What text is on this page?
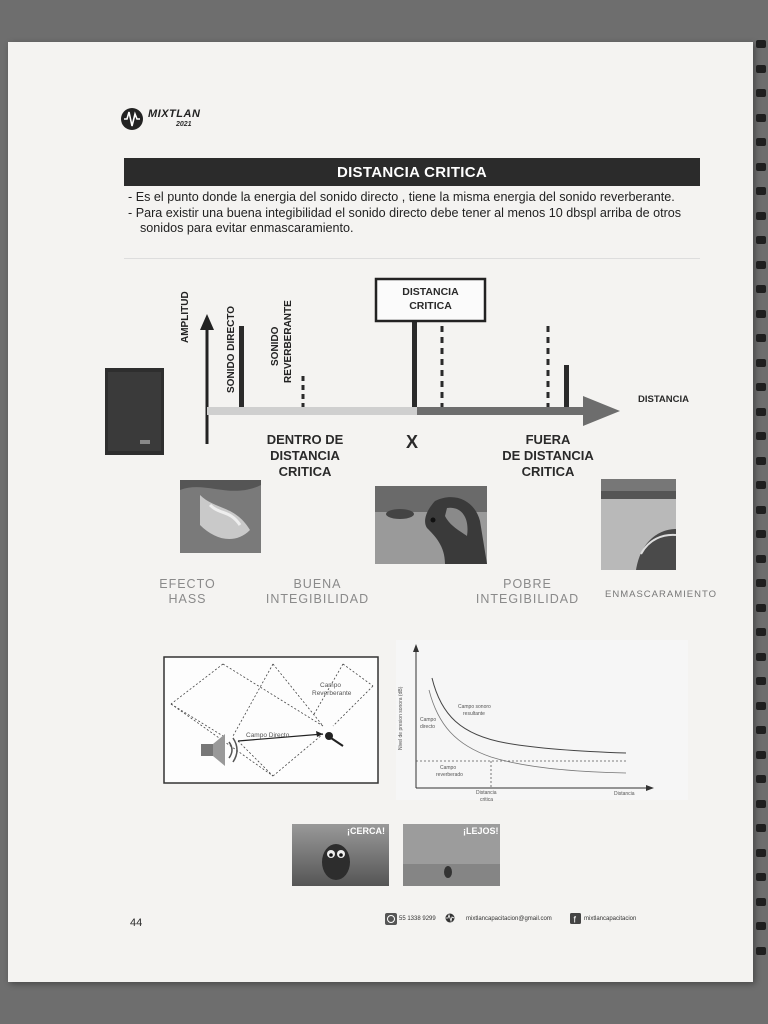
MIXTLAN
2021
DISTANCIA CRITICA

- Es el punto donde la energia del sonido directo , tiene la misma energia del sonido reverberante.

- Para existir una buena integibilidad el sonido directo debe tener al menos 10 dbspl arriba de otros sonidos para evitar enmascaramiento.

AMPLITUD	SONIDO DIRECTO	SONIDO REVERBERANTE
DISTANCIA
CRITICA
DISTANCIA
DENTRO DE
DISTANCIA
CRITICA
X	FUERA
DE DISTANCIA
CRITICA
EFECTO
HASS
BUENA
INTEGIBILIDAD
POBRE
INTEGIBILIDAD	ENMASCARAMIENTO
Campo
Reverberante
Campo Directo	Nivel de presion sonora (dB)	Campo sonoro
resultante
Campo
directo
Campo
reverberado
Distancia
critica
Distancia
¡CERCA!	¡LEJOS!
44	55 1338 9299	mixtlancapacitacion@gmail.com f mixtlancapacitacion
